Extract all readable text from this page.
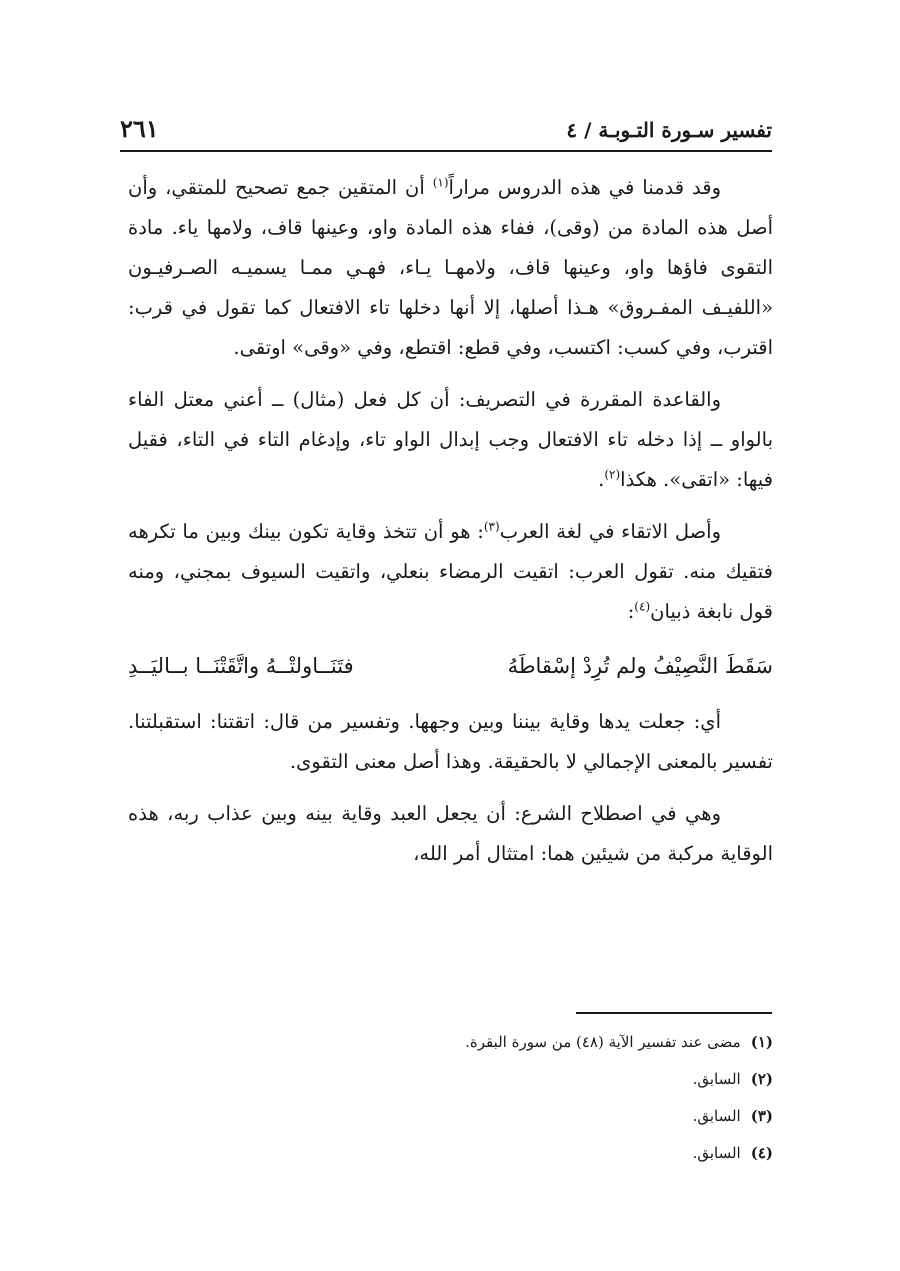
تفسير سـورة التـوبـة / ٤
٢٦١

وقد قدمنا في هذه الدروس مراراً$^{(١)}$ أن المتقين جمع تصحيح للمتقي، وأن أصل هذه المادة من (وقى)، ففاء هذه المادة واو، وعينها قاف، ولامها ياء. مادة التقوى فاؤها واو، وعينها قاف، ولامهـا يـاء، فهـي ممـا يسميـه الصـرفيـون «اللفيـف المفـروق» هـذا أصلها، إلا أنها دخلها تاء الافتعال كما تقول في قرب: اقترب، وفي كسب: اكتسب، وفي قطع: اقتطع، وفي «وقى» اوتقى.

والقاعدة المقررة في التصريف: أن كل فعل (مثال) ــ أعني معتل الفاء بالواو ــ إذا دخله تاء الافتعال وجب إبدال الواو تاء، وإدغام التاء في التاء، فقيل فيها: «اتقى». هكذا$^{(٢)}$.

وأصل الاتقاء في لغة العرب$^{(٣)}$: هو أن تتخذ وقاية تكون بينك وبين ما تكرهه فتقيك منه. تقول العرب: اتقيت الرمضاء بنعلي، واتقيت السيوف بمجني، ومنه قول نابغة ذبيان$^{(٤)}$:

سَقَطَ النَّصِيْفُ ولم تُرِدْ إسْقاطَهُ
فتَنَــاولتْــهُ واتَّقَتْنَــا بــاليَــدِ

أي: جعلت يدها وقاية بيننا وبين وجهها. وتفسير من قال: اتقتنا: استقبلتنا. تفسير بالمعنى الإجمالي لا بالحقيقة. وهذا أصل معنى التقوى.

وهي في اصطلاح الشرع: أن يجعل العبد وقاية بينه وبين عذاب ربه، هذه الوقاية مركبة من شيئين هما: امتثال أمر الله،

(١)مضى عند تفسير الآية (٤٨) من سورة البقرة.
(٢)السابق.
(٣)السابق.
(٤)السابق.
